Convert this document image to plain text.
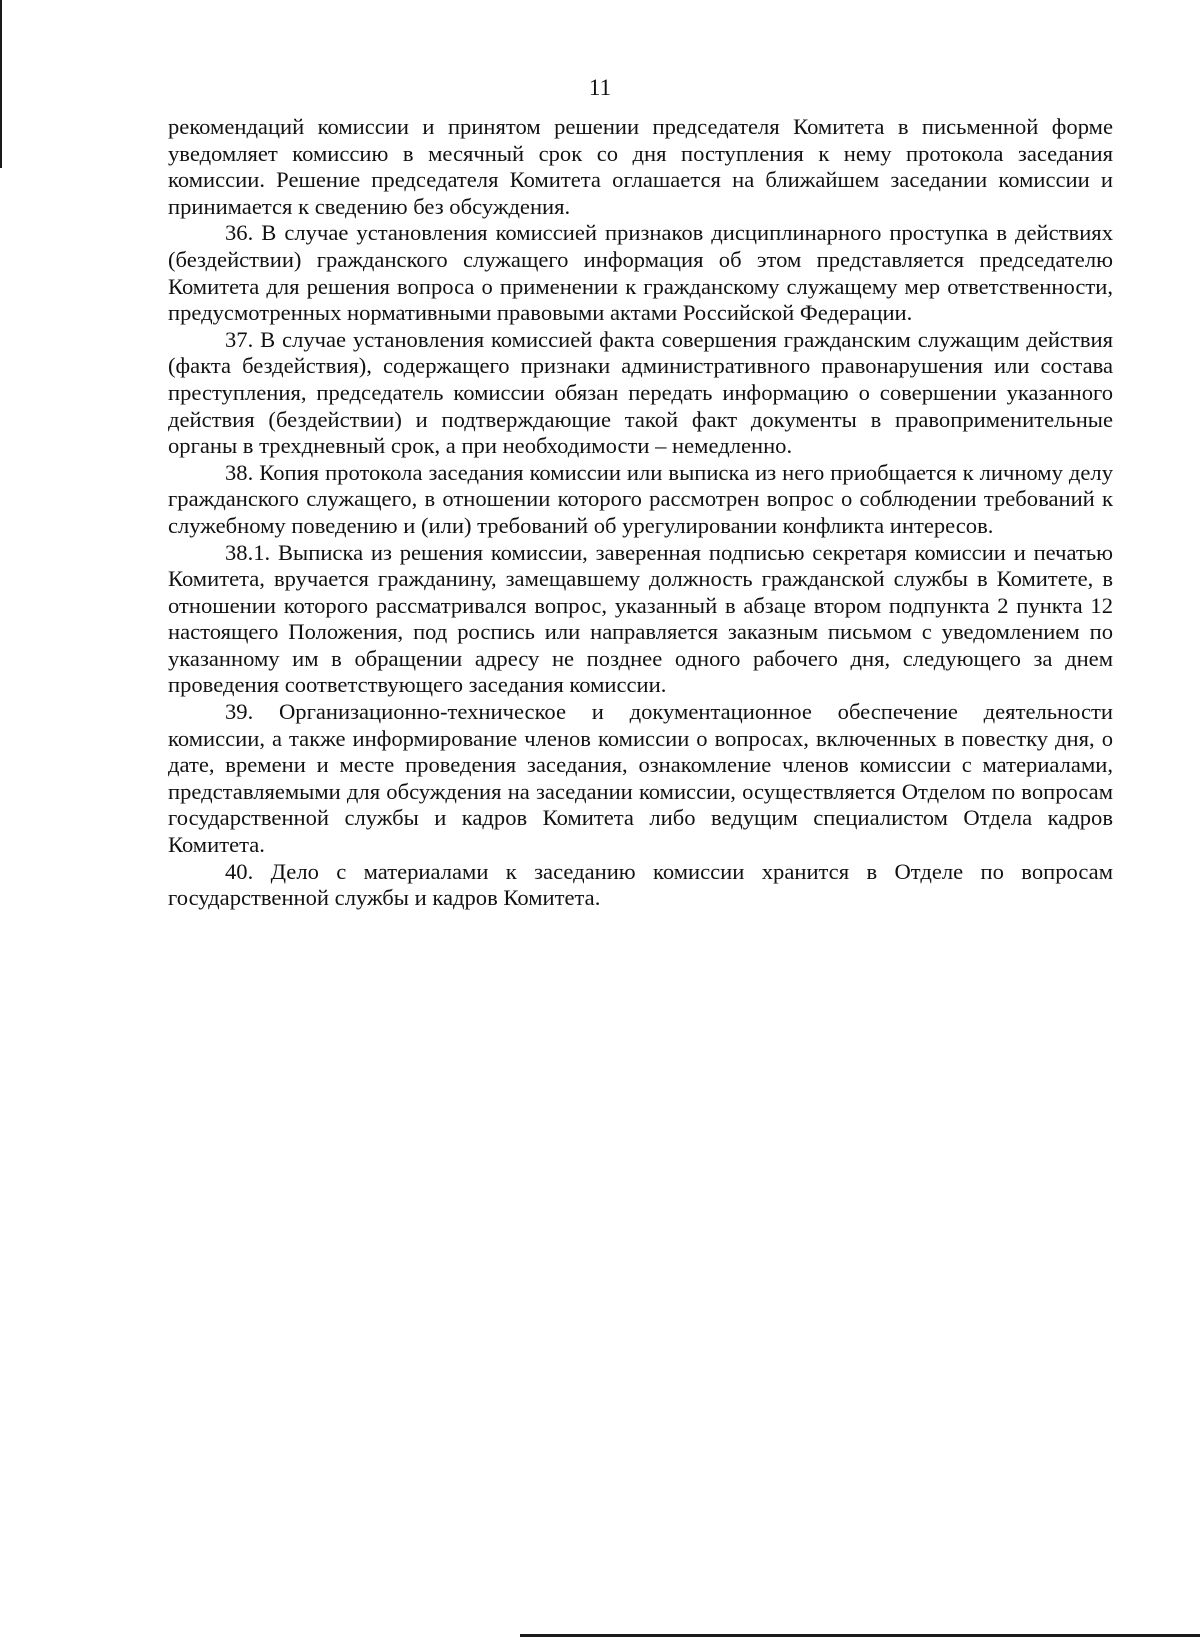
11

рекомендаций комиссии и принятом решении председателя Комитета в письменной форме уведомляет комиссию в месячный срок со дня поступления к нему протокола заседания комиссии. Решение председателя Комитета оглашается на ближайшем заседании комиссии и принимается к сведению без обсуждения.

36. В случае установления комиссией признаков дисциплинарного проступка в действиях (бездействии) гражданского служащего информация об этом представляется председателю Комитета для решения вопроса о применении к гражданскому служащему мер ответственности, предусмотренных нормативными правовыми актами Российской Федерации.

37. В случае установления комиссией факта совершения гражданским служащим действия (факта бездействия), содержащего признаки административного правонарушения или состава преступления, председатель комиссии обязан передать информацию о совершении указанного действия (бездействии) и подтверждающие такой факт документы в правоприменительные органы в трехдневный срок, а при необходимости – немедленно.

38. Копия протокола заседания комиссии или выписка из него приобщается к личному делу гражданского служащего, в отношении которого рассмотрен вопрос о соблюдении требований к служебному поведению и (или) требований об урегулировании конфликта интересов.

38.1. Выписка из решения комиссии, заверенная подписью секретаря комиссии и печатью Комитета, вручается гражданину, замещавшему должность гражданской службы в Комитете, в отношении которого рассматривался вопрос, указанный в абзаце втором подпункта 2 пункта 12 настоящего Положения, под роспись или направляется заказным письмом с уведомлением по указанному им в обращении адресу не позднее одного рабочего дня, следующего за днем проведения соответствующего заседания комиссии.

39. Организационно-техническое и документационное обеспечение деятельности комиссии, а также информирование членов комиссии о вопросах, включенных в повестку дня, о дате, времени и месте проведения заседания, ознакомление членов комиссии с материалами, представляемыми для обсуждения на заседании комиссии, осуществляется Отделом по вопросам государственной службы и кадров Комитета либо ведущим специалистом Отдела кадров Комитета.

40. Дело с материалами к заседанию комиссии хранится в Отделе по вопросам государственной службы и кадров Комитета.
